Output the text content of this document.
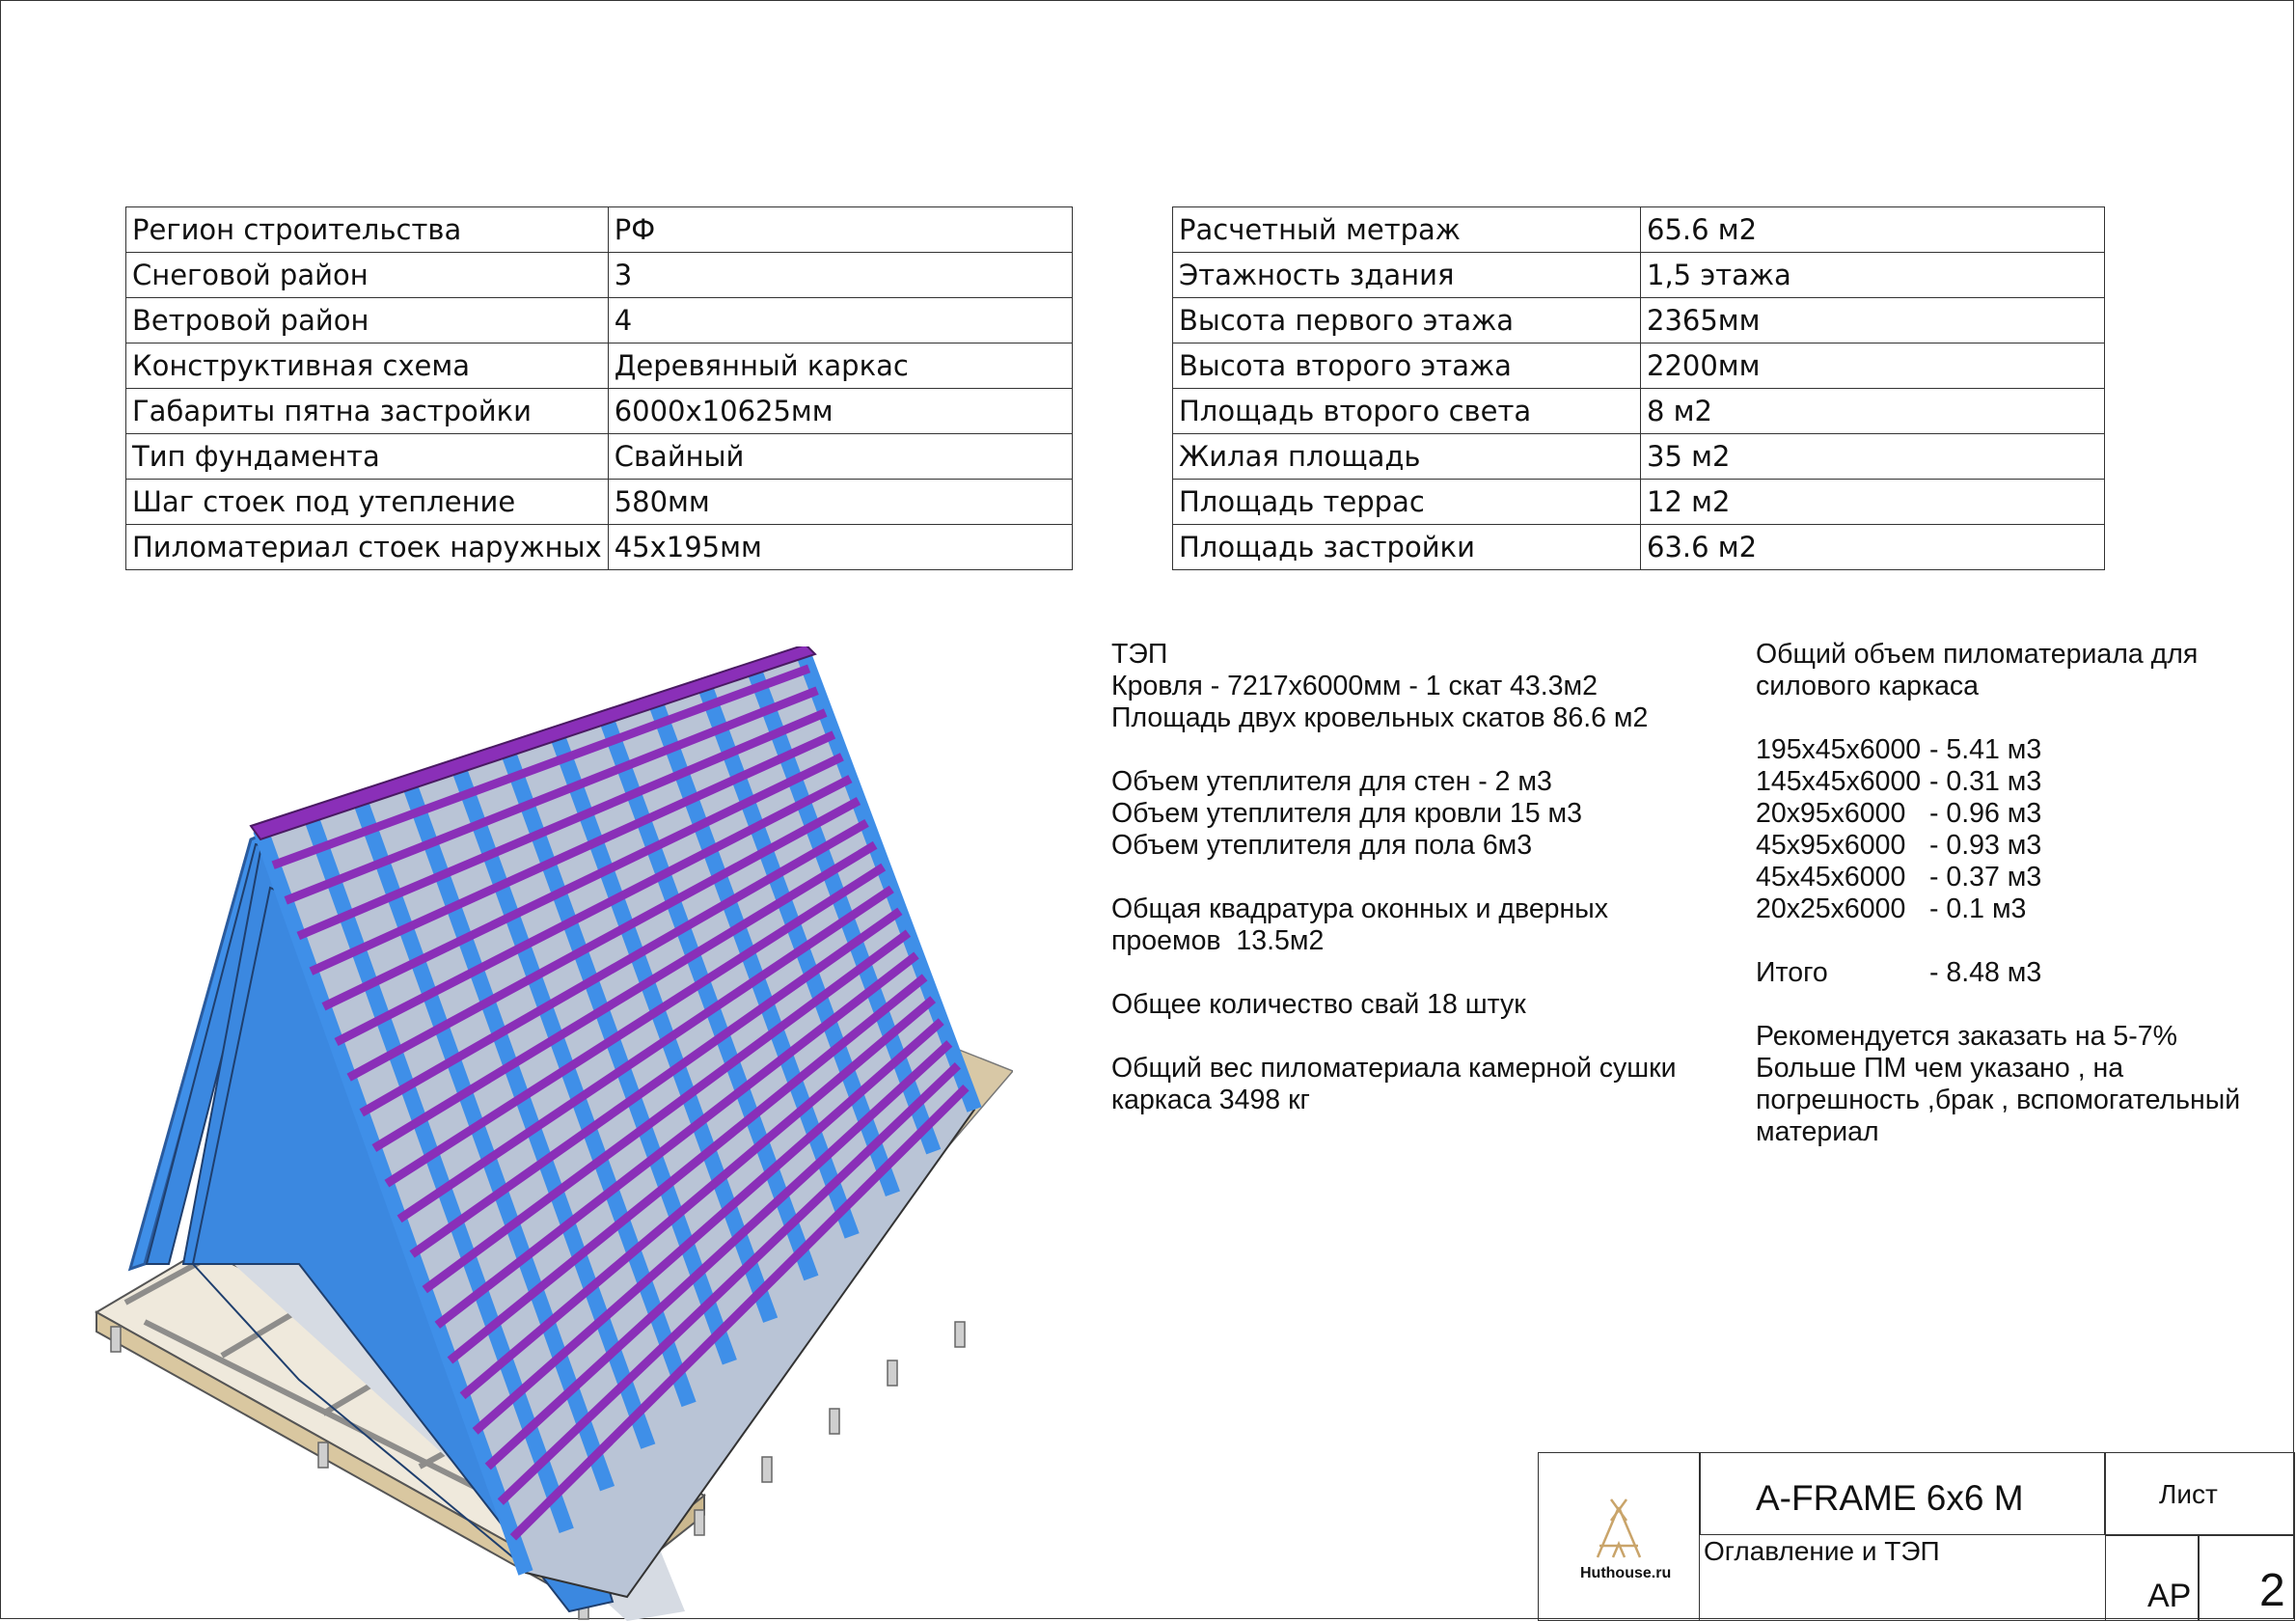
Регион строительства	РФ
Снеговой район	3
Ветровой район	4
Конструктивная схема	Деревянный каркас
Габариты пятна застройки	6000х10625мм
Тип фундамента	Свайный
Шаг стоек под утепление	580мм
Пиломатериал стоек наружных	45х195мм
Расчетный метраж	65.6 м2
Этажность здания	1,5 этажа
Высота первого этажа	2365мм
Высота второго этажа	2200мм
Площадь второго света	8 м2
Жилая площадь	35 м2
Площадь террас	12 м2
Площадь застройки	63.6 м2
ТЭП
Кровля - 7217х6000мм - 1 скат 43.3м2
Площадь двух кровельных скатов 86.6 м2

Объем утеплителя для стен - 2 м3
Объем утеплителя для кровли 15 м3
Объем утеплителя для пола 6м3

Общая квадратура оконных и дверных
проемов  13.5м2

Общее количество свай 18 штук

Общий вес пиломатериала камерной сушки
каркаса 3498 кг
Общий объем пиломатериала для
силового каркаса

195х45х6000 - 5.41 м3
145х45х6000 - 0.31 м3
20х95х6000 - 0.96 м3
45х95х6000 - 0.93 м3
45х45х6000 - 0.37 м3
20х25х6000 - 0.1 м3

Итого	- 8.48 м3

Рекомендуется заказать на 5-7%
Больше ПМ чем указано , на
погрешность ,брак , вспомогательный
материал
Huthouse.ru
A-FRAME 6x6 M
Оглавление и ТЭП
Лист
АР 2
